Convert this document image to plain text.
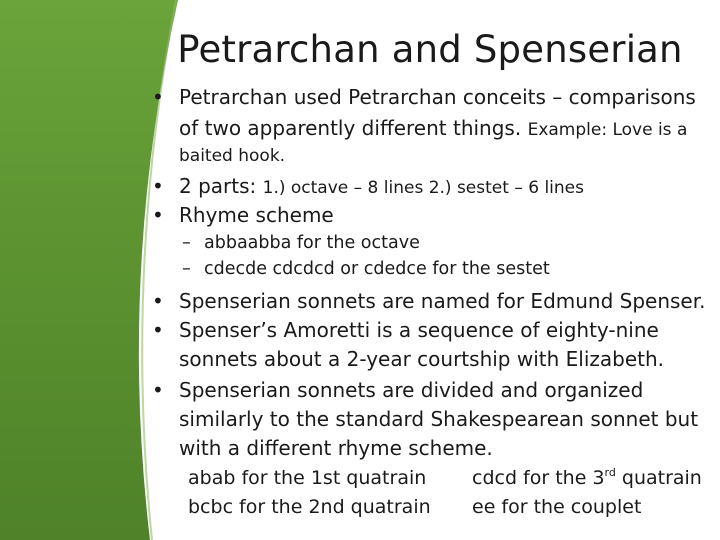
Petrarchan and Spenserian
• Petrarchan used Petrarchan conceits – comparisons
of two apparently different things. Example: Love is a
baited hook.
• 2 parts: 1.) octave – 8 lines 2.) sestet – 6 lines
• Rhyme scheme
– abbaabba for the octave
– cdecde cdcdcd or cdedce for the sestet
• Spenserian sonnets are named for Edmund Spenser.
• Spenser’s Amoretti is a sequence of eighty-nine
sonnets about a 2-year courtship with Elizabeth.
• Spenserian sonnets are divided and organized
similarly to the standard Shakespearean sonnet but
with a different rhyme scheme.
abab for the 1st quatrain
bcbc for the 2nd quatrain
cdcd for the 3rd quatrain
ee for the couplet
